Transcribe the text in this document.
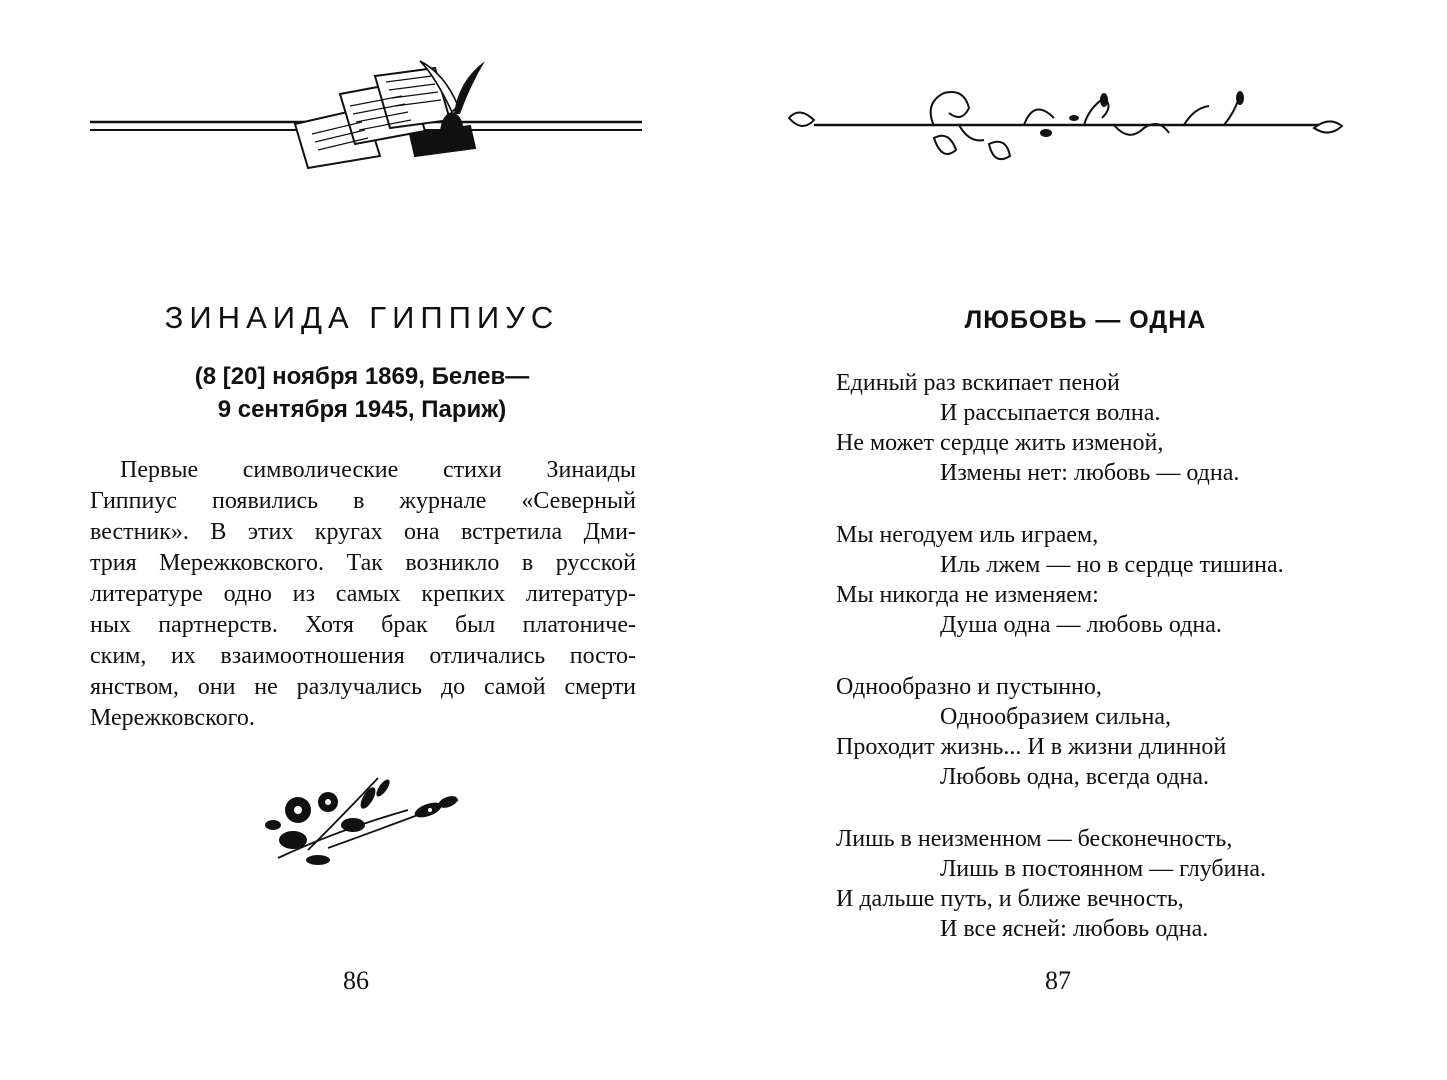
ЗИНАИДА ГИППИУС
(8 [20] ноября 1869, Белев—
9 сентября 1945, Париж)
Первые символические стихи Зинаиды
Гиппиус появились в журнале «Северный
вестник». В этих кругах она встретила Дми-
трия Мережковского. Так возникло в русской
литературе одно из самых крепких литератур-
ных партнерств. Хотя брак был платониче-
ским, их взаимоотношения отличались посто-
янством, они не разлучались до самой смерти
Мережковского.
86
ЛЮБОВЬ — ОДНА
Единый раз вскипает пеной
И рассыпается волна.
Не может сердце жить изменой,
Измены нет: любовь — одна.
Мы негодуем иль играем,
Иль лжем — но в сердце тишина.
Мы никогда не изменяем:
Душа одна — любовь одна.
Однообразно и пустынно,
Однообразием сильна,
Проходит жизнь... И в жизни длинной
Любовь одна, всегда одна.
Лишь в неизменном — бесконечность,
Лишь в постоянном — глубина.
И дальше путь, и ближе вечность,
И все ясней: любовь одна.
87
